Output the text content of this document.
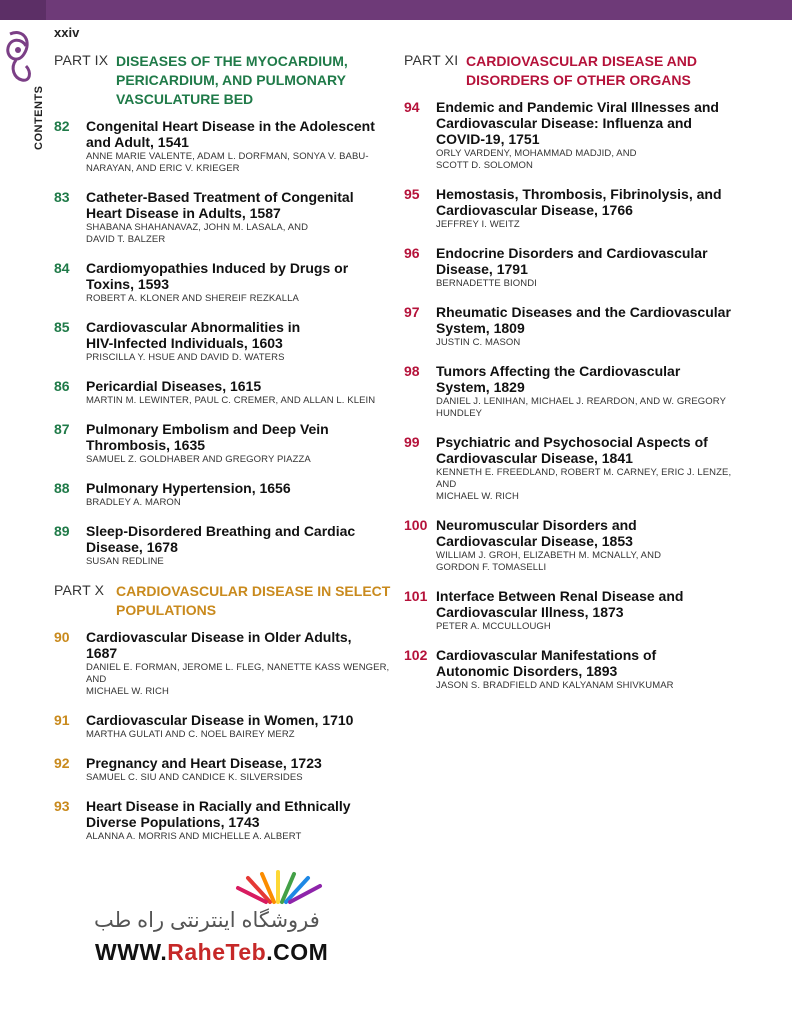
xxiv
CONTENTS
PART IX DISEASES OF THE MYOCARDIUM,
PERICARDIUM, AND PULMONARY
VASCULATURE BED
82 Congenital Heart Disease in the Adolescent
and Adult, 1541
ANNE MARIE VALENTE, ADAM L. DORFMAN, SONYA V. BABU-
NARAYAN, AND ERIC V. KRIEGER
83 Catheter-Based Treatment of Congenital
Heart Disease in Adults, 1587
SHABANA SHAHANAVAZ, JOHN M. LASALA, AND
DAVID T. BALZER
84 Cardiomyopathies Induced by Drugs or
Toxins, 1593
ROBERT A. KLONER AND SHEREIF REZKALLA
85 Cardiovascular Abnormalities in
HIV-Infected Individuals, 1603
PRISCILLA Y. HSUE AND DAVID D. WATERS
86 Pericardial Diseases, 1615
MARTIN M. LEWINTER, PAUL C. CREMER, AND ALLAN L. KLEIN
87 Pulmonary Embolism and Deep Vein
Thrombosis, 1635
SAMUEL Z. GOLDHABER AND GREGORY PIAZZA
88 Pulmonary Hypertension, 1656
BRADLEY A. MARON
89 Sleep-Disordered Breathing and Cardiac
Disease, 1678
SUSAN REDLINE
PART X CARDIOVASCULAR DISEASE IN SELECT
POPULATIONS
90 Cardiovascular Disease in Older Adults,
1687
DANIEL E. FORMAN, JEROME L. FLEG, NANETTE KASS WENGER, AND
MICHAEL W. RICH
91 Cardiovascular Disease in Women, 1710
MARTHA GULATI AND C. NOEL BAIREY MERZ
92 Pregnancy and Heart Disease, 1723
SAMUEL C. SIU AND CANDICE K. SILVERSIDES
93 Heart Disease in Racially and Ethnically
Diverse Populations, 1743
ALANNA A. MORRIS AND MICHELLE A. ALBERT
PART XI CARDIOVASCULAR DISEASE AND
DISORDERS OF OTHER ORGANS
94 Endemic and Pandemic Viral Illnesses and
Cardiovascular Disease: Influenza and
COVID-19, 1751
ORLY VARDENY, MOHAMMAD MADJID, AND
SCOTT D. SOLOMON
95 Hemostasis, Thrombosis, Fibrinolysis, and
Cardiovascular Disease, 1766
JEFFREY I. WEITZ
96 Endocrine Disorders and Cardiovascular
Disease, 1791
BERNADETTE BIONDI
97 Rheumatic Diseases and the Cardiovascular
System, 1809
JUSTIN C. MASON
98 Tumors Affecting the Cardiovascular
System, 1829
DANIEL J. LENIHAN, MICHAEL J. REARDON, AND W. GREGORY
HUNDLEY
99 Psychiatric and Psychosocial Aspects of
Cardiovascular Disease, 1841
KENNETH E. FREEDLAND, ROBERT M. CARNEY, ERIC J. LENZE, AND
MICHAEL W. RICH
100 Neuromuscular Disorders and
Cardiovascular Disease, 1853
WILLIAM J. GROH, ELIZABETH M. MCNALLY, AND
GORDON F. TOMASELLI
101 Interface Between Renal Disease and
Cardiovascular Illness, 1873
PETER A. MCCULLOUGH
102 Cardiovascular Manifestations of
Autonomic Disorders, 1893
JASON S. BRADFIELD AND KALYANAM SHIVKUMAR
فروشگاه اینترنتی راه طب
WWW.RaheTeb.COM
